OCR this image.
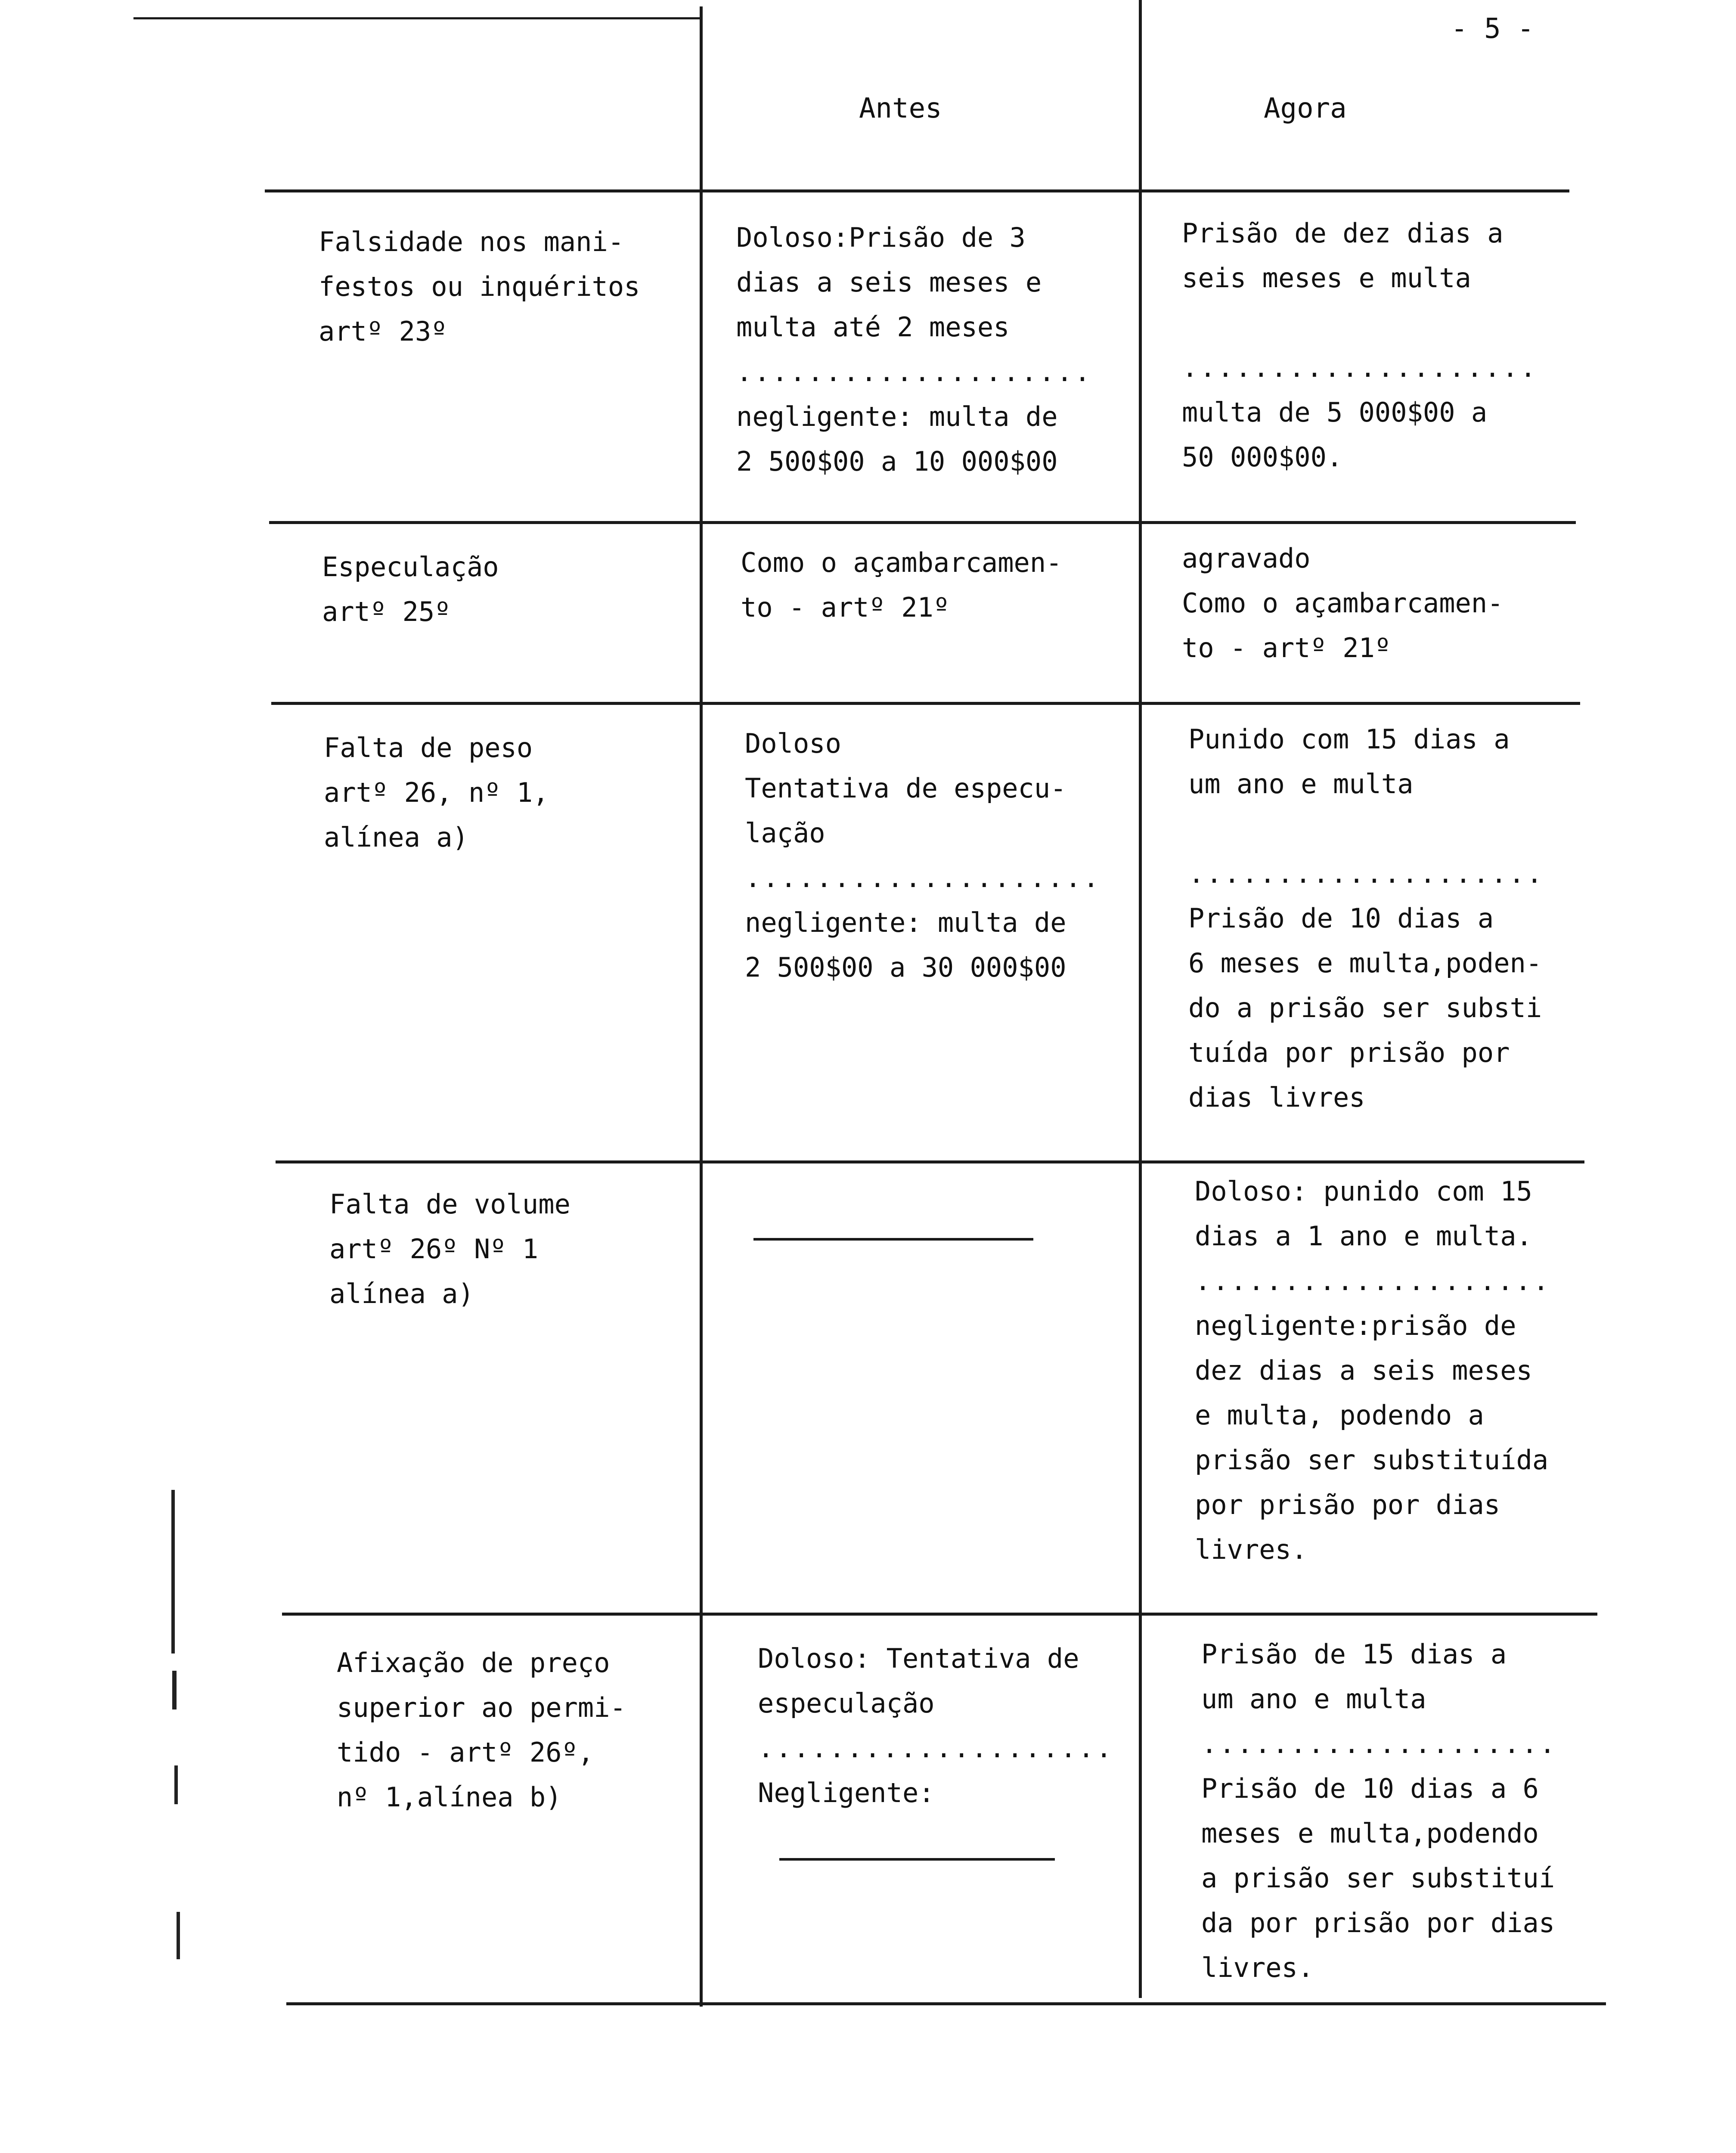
- 5 -
Antes	Agora
Falsidade nos mani-
festos ou inquéritos
artº 23º
Doloso:Prisão de 3
dias a seis meses e
multa até 2 meses
....................
negligente: multa de
2 500$00 a 10 000$00
Prisão de dez dias a
seis meses e multa
....................
multa de 5 000$00 a
50 000$00.
Especulação
artº 25º
Como o açambarcamen-
to - artº 21º
agravado
Como o açambarcamen-
to - artº 21º
Falta de peso
artº 26, nº 1,
alínea a)
Doloso
Tentativa de especu-
lação
....................
negligente: multa de
2 500$00 a 30 000$00
Punido com 15 dias a
um ano e multa
....................
Prisão de 10 dias a
6 meses e multa,poden-
do a prisão ser substi
tuída por prisão por
dias livres
Falta de volume
artº 26º Nº 1
alínea a)
Doloso: punido com 15
dias a 1 ano e multa.
....................
negligente:prisão de
dez dias a seis meses
e multa, podendo a
prisão ser substituída
por prisão por dias
livres.
Afixação de preço
superior ao permi-
tido - artº 26º,
nº 1,alínea b)
Doloso: Tentativa de
especulação
....................
Negligente:
Prisão de 15 dias a
um ano e multa
....................
Prisão de 10 dias a 6
meses e multa,podendo
a prisão ser substituí
da por prisão por dias
livres.
